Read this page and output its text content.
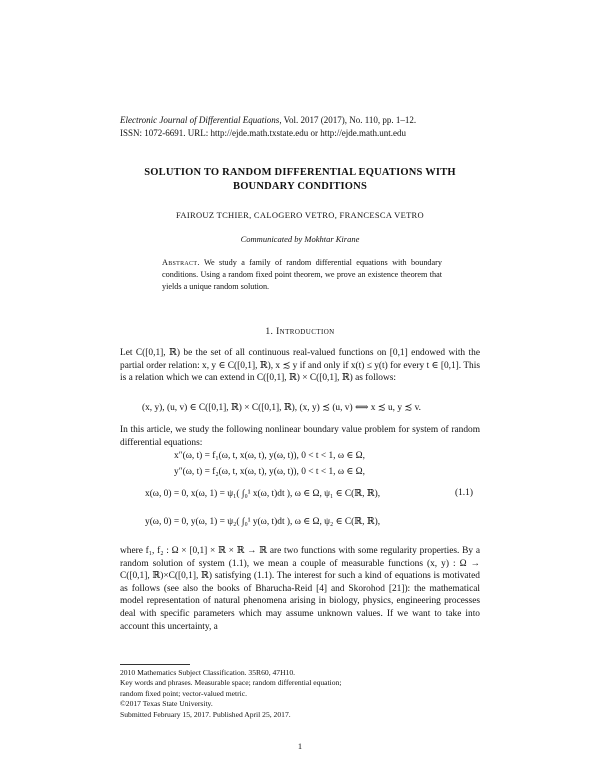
Electronic Journal of Differential Equations, Vol. 2017 (2017), No. 110, pp. 1–12.
ISSN: 1072-6691. URL: http://ejde.math.txstate.edu or http://ejde.math.unt.edu
SOLUTION TO RANDOM DIFFERENTIAL EQUATIONS WITH
BOUNDARY CONDITIONS
FAIROUZ TCHIER, CALOGERO VETRO, FRANCESCA VETRO
Communicated by Mokhtar Kirane
Abstract. We study a family of random differential equations with boundary conditions. Using a random fixed point theorem, we prove an existence theorem that yields a unique random solution.
1. Introduction
Let C([0,1], ℝ) be the set of all continuous real-valued functions on [0,1] endowed with the partial order relation: x, y ∈ C([0,1], ℝ), x ≾ y if and only if x(t) ≤ y(t) for every t ∈ [0,1]. This is a relation which we can extend in C([0,1], ℝ) × C([0,1], ℝ) as follows:
(x, y), (u, v) ∈ C([0,1], ℝ) × C([0,1], ℝ), (x, y) ≾ (u, v) ⟺ x ≾ u, y ≾ v.
In this article, we study the following nonlinear boundary value problem for system of random differential equations:
x″(ω, t) = f₁(ω, t, x(ω, t), y(ω, t)), 0 < t < 1, ω ∈ Ω,
y″(ω, t) = f₂(ω, t, x(ω, t), y(ω, t)), 0 < t < 1, ω ∈ Ω,
x(ω, 0) = 0, x(ω, 1) = ψ₁( ∫₀¹ x(ω, t)dt ), ω ∈ Ω, ψ₁ ∈ C(ℝ, ℝ),	(1.1)
y(ω, 0) = 0, y(ω, 1) = ψ₂( ∫₀¹ y(ω, t)dt ), ω ∈ Ω, ψ₂ ∈ C(ℝ, ℝ),
where f₁, f₂ : Ω × [0,1] × ℝ × ℝ → ℝ are two functions with some regularity properties. By a random solution of system (1.1), we mean a couple of measurable functions (x, y) : Ω → C([0,1], ℝ)×C([0,1], ℝ) satisfying (1.1). The interest for such a kind of equations is motivated as follows (see also the books of Bharucha-Reid [4] and Skorohod [21]): the mathematical model representation of natural phenomena arising in biology, physics, engineering processes deal with specific parameters which may assume unknown values. If we want to take into account this uncertainty, a
2010 Mathematics Subject Classification. 35R60, 47H10.
Key words and phrases. Measurable space; random differential equation;
random fixed point; vector-valued metric.
©2017 Texas State University.
Submitted February 15, 2017. Published April 25, 2017.
1
